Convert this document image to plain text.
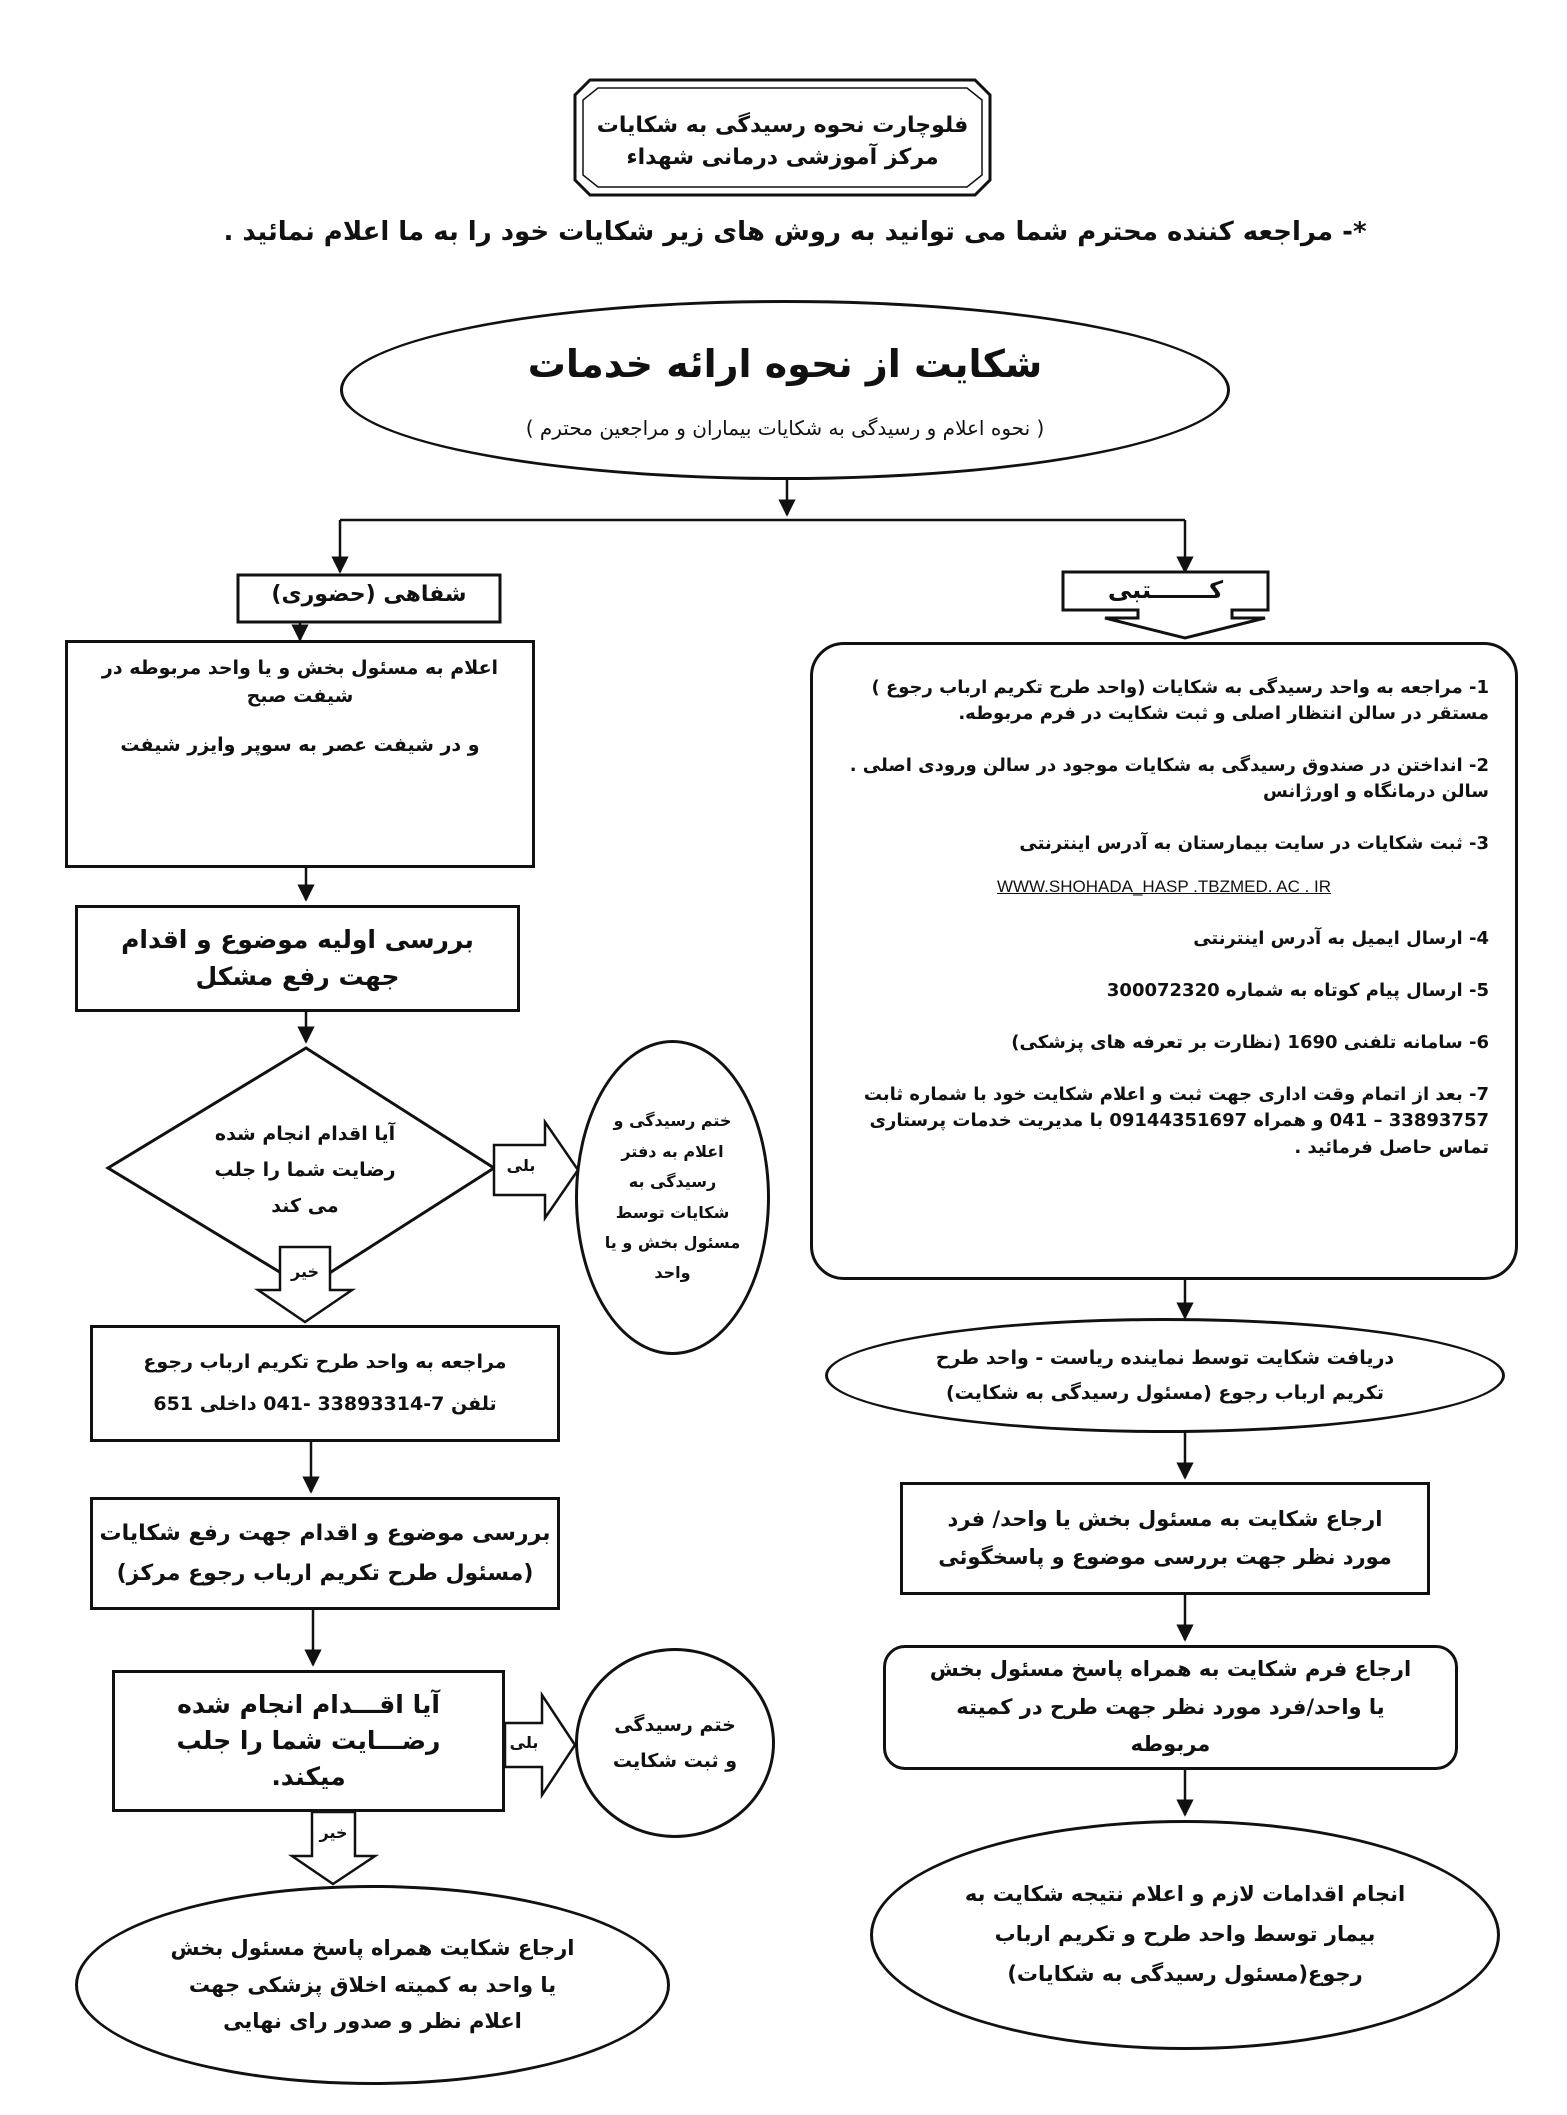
فلوچارت نحوه رسیدگی به شکایات

مرکز آموزشی درمانی شهداء

*- مراجعه کننده محترم شما می توانید به روش های زیر شکایات خود را به ما اعلام نمائید .

شکایت از نحوه ارائه خدمات

( نحوه اعلام و رسیدگی به شکایات بیماران و مراجعین محترم )

شفاهی (حضوری)	کـــــــتبی

اعلام به مسئول بخش و یا واحد مربوطه در شیفت صبح

و در شیفت عصر به سوپر وایزر شیفت

بررسی اولیه موضوع و اقدام جهت رفع مشکل

آیا اقدام انجام شده رضایت شما را جلب می کند
بلی

ختم رسیدگی و اعلام به دفتر رسیدگی به شکایات توسط مسئول بخش و یا واحد

خیر

مراجعه به واحد طرح تکریم ارباب رجوع

تلفن 7-33893314 -041 داخلی 651

بررسی موضوع و اقدام جهت رفع شکایات

(مسئول طرح تکریم ارباب رجوع مرکز)

آیا اقـــدام انجام شده رضـــایت شما را جلب میکند.

بلی

ختم رسیدگی و ثبت شکایت

خیر

ارجاع شکایت همراه پاسخ مسئول بخش یا واحد به کمیته اخلاق پزشکی جهت اعلام نظر و صدور رای نهایی

1- مراجعه به واحد رسیدگی به شکایات (واحد طرح تکریم ارباب رجوع ) مستقر در سالن انتظار اصلی و ثبت شکایت در فرم مربوطه.

2- انداختن در صندوق رسیدگی به شکایات موجود در سالن ورودی اصلی . سالن درمانگاه و اورژانس

3- ثبت شکایات در سایت بیمارستان به آدرس اینترنتی

WWW.SHOHADA_HASP .TBZMED. AC . IR

4- ارسال ایمیل به آدرس اینترنتی

5- ارسال پیام کوتاه به شماره 300072320

6- سامانه تلفنی 1690 (نظارت بر تعرفه های پزشکی)

7- بعد از اتمام وقت اداری جهت ثبت و اعلام شکایت خود با شماره ثابت 33893757 – 041 و همراه 09144351697 با مدیریت خدمات پرستاری تماس حاصل فرمائید .

دریافت شکایت توسط نماینده ریاست - واحد طرح تکریم ارباب رجوع (مسئول رسیدگی به شکایت)

ارجاع شکایت به مسئول بخش یا واحد/ فرد مورد نظر جهت بررسی موضوع و پاسخگوئی

ارجاع فرم شکایت به همراه پاسخ مسئول بخش یا واحد/فرد مورد نظر جهت طرح در کمیته مربوطه

انجام اقدامات لازم و اعلام نتیجه شکایت به بیمار توسط واحد طرح و تکریم ارباب رجوع(مسئول رسیدگی به شکایات)
